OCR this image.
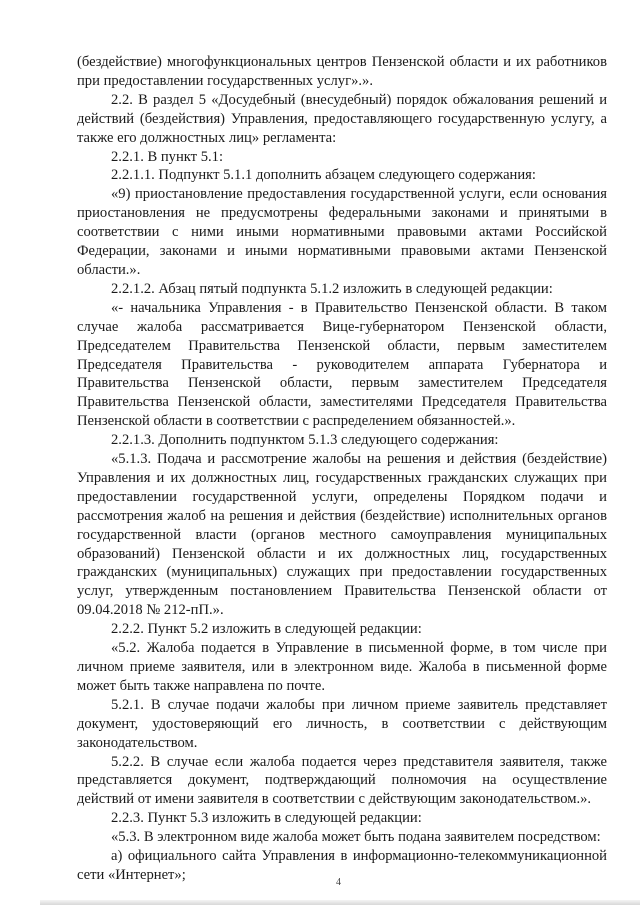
(бездействие) многофункциональных центров Пензенской области и их работников при предоставлении государственных услуг».».

2.2. В раздел 5 «Досудебный (внесудебный) порядок обжалования решений и действий (бездействия) Управления, предоставляющего государственную услугу, а также его должностных лиц» регламента:

2.2.1. В пункт 5.1:

2.2.1.1. Подпункт 5.1.1 дополнить абзацем следующего содержания:

«9) приостановление предоставления государственной услуги, если основания приостановления не предусмотрены федеральными законами и принятыми в соответствии с ними иными нормативными правовыми актами Российской Федерации, законами и иными нормативными правовыми актами Пензенской области.».

2.2.1.2. Абзац пятый подпункта 5.1.2 изложить в следующей редакции:

«- начальника Управления - в Правительство Пензенской области. В таком случае жалоба рассматривается Вице-губернатором Пензенской области, Председателем Правительства Пензенской области, первым заместителем Председателя Правительства - руководителем аппарата Губернатора и Правительства Пензенской области, первым заместителем Председателя Правительства Пензенской области, заместителями Председателя Правительства Пензенской области в соответствии с распределением обязанностей.».

2.2.1.3. Дополнить подпунктом 5.1.3 следующего содержания:

«5.1.3. Подача и рассмотрение жалобы на решения и действия (бездействие) Управления и их должностных лиц, государственных гражданских служащих при предоставлении государственной услуги, определены Порядком подачи и рассмотрения жалоб на решения и действия (бездействие) исполнительных органов государственной власти (органов местного самоуправления муниципальных образований) Пензенской области и их должностных лиц, государственных гражданских (муниципальных) служащих при предоставлении государственных услуг, утвержденным постановлением Правительства Пензенской области от 09.04.2018 № 212-пП.».

2.2.2. Пункт 5.2 изложить в следующей редакции:

«5.2. Жалоба подается в Управление в письменной форме, в том числе при личном приеме заявителя, или в электронном виде. Жалоба в письменной форме может быть также направлена по почте.

5.2.1. В случае подачи жалобы при личном приеме заявитель представляет документ, удостоверяющий его личность, в соответствии с действующим законодательством.

5.2.2. В случае если жалоба подается через представителя заявителя, также представляется документ, подтверждающий полномочия на осуществление действий от имени заявителя в соответствии с действующим законодательством.».

2.2.3. Пункт 5.3 изложить в следующей редакции:

«5.3. В электронном виде жалоба может быть подана заявителем посредством:

а) официального сайта Управления в информационно-телекоммуникационной сети «Интернет»;	4
